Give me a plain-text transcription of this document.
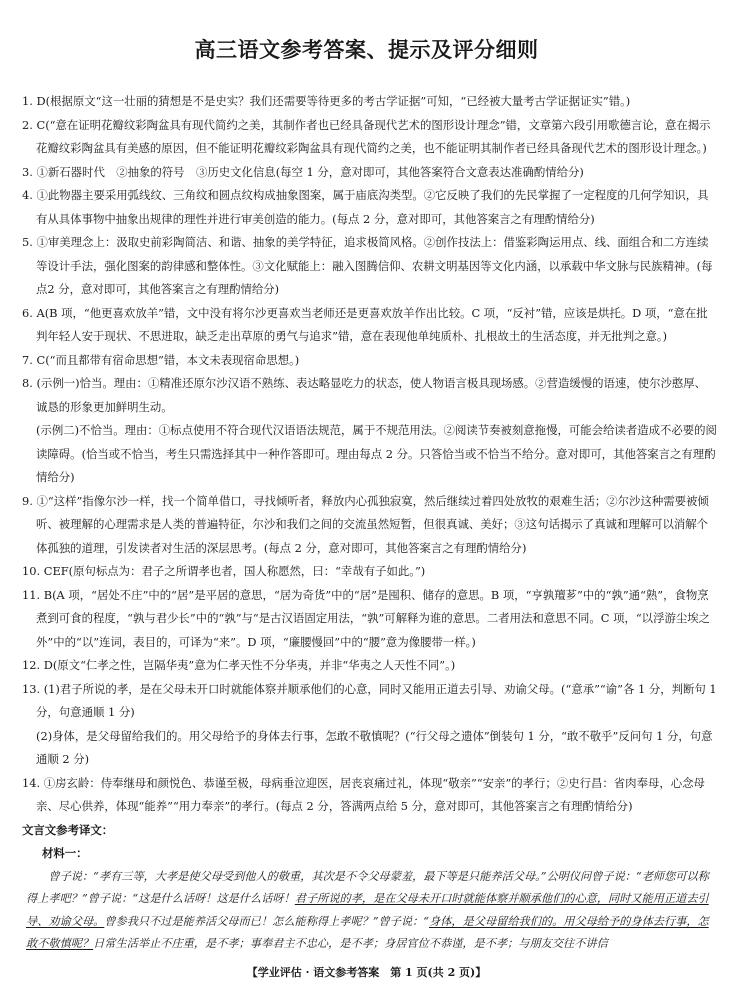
高三语文参考答案、提示及评分细则
1. D(根据原文“这一壮丽的猜想是不是史实？我们还需要等待更多的考古学证据”可知，“已经被大量考古学证据证实”错。)
2. C(“意在证明花瓣纹彩陶盆具有现代简约之美，其制作者也已经具备现代艺术的图形设计理念”错，文章第六段引用歌德言论，意在揭示花瓣纹彩陶盆具有美感的原因，但不能证明花瓣纹彩陶盆具有现代简约之美，也不能证明其制作者已经具备现代艺术的图形设计理念。)
3. ①新石器时代　②抽象的符号　③历史文化信息(每空 1 分，意对即可，其他答案符合文意表达准确酌情给分)
4. ①此物器主要采用弧线纹、三角纹和圆点纹构成抽象图案，属于庙底沟类型。②它反映了我们的先民掌握了一定程度的几何学知识，具有从具体事物中抽象出规律的理性并进行审美创造的能力。(每点 2 分，意对即可，其他答案言之有理酌情给分)
5. ①审美理念上：汲取史前彩陶简洁、和谐、抽象的美学特征，追求极简风格。②创作技法上：借鉴彩陶运用点、线、面组合和二方连续等设计手法，强化图案的韵律感和整体性。③文化赋能上：融入图腾信仰、农耕文明基因等文化内涵，以承载中华文脉与民族精神。(每点2 分，意对即可，其他答案言之有理酌情给分)
6. A(B 项，“他更喜欢放羊”错，文中没有将尔沙更喜欢当老师还是更喜欢放羊作出比较。C 项，“反衬”错，应该是烘托。D 项，“意在批判年轻人安于现状、不思进取，缺乏走出草原的勇气与追求”错，意在表现他单纯质朴、扎根故土的生活态度，并无批判之意。)
7. C(“而且都带有宿命思想”错，本文未表现宿命思想。)
8. (示例一)恰当。理由：①精准还原尔沙汉语不熟练、表达略显吃力的状态，使人物语言极具现场感。②营造缓慢的语速，使尔沙憨厚、诚恳的形象更加鲜明生动。
(示例二)不恰当。理由：①标点使用不符合现代汉语语法规范，属于不规范用法。②阅读节奏被刻意拖慢，可能会给读者造成不必要的阅读障碍。(恰当或不恰当，考生只需选择其中一种作答即可。理由每点 2 分。只答恰当或不恰当不给分。意对即可，其他答案言之有理酌情给分)
9. ①“这样”指像尔沙一样，找一个简单借口，寻找倾听者，释放内心孤独寂寞，然后继续过着四处放牧的艰难生活；②尔沙这种需要被倾听、被理解的心理需求是人类的普遍特征，尔沙和我们之间的交流虽然短暂，但很真诚、美好；③这句话揭示了真诚和理解可以消解个体孤独的道理，引发读者对生活的深层思考。(每点 2 分，意对即可，其他答案言之有理酌情给分)
10. CEF(原句标点为：君子之所谓孝也者，国人称愿然，曰：“幸哉有子如此。”)
11. B(A 项，“居处不庄”中的“居”是平居的意思，“居为奇货”中的“居”是囤积、储存的意思。B 项，“亨孰羶芗”中的“孰”通“熟”，食物烹煮到可食的程度，“孰与君少长”中的“孰”与“是古汉语固定用法，“孰”可解释为谁的意思。二者用法和意思不同。C 项，“以浮游尘埃之外”中的“以”连词，表目的，可译为“来”。D 项，“廉腰慢回”中的“腰”意为像腰带一样。)
12. D(原文“仁孝之性，岂隔华夷”意为仁孝天性不分华夷，并非“华夷之人天性不同”。)
13. (1)君子所说的孝，是在父母未开口时就能体察并顺承他们的心意，同时又能用正道去引导、劝谕父母。(“意承”“谕”各 1 分，判断句 1 分，句意通顺 1 分)
(2)身体，是父母留给我们的。用父母给予的身体去行事，怎敢不敬慎呢？(“行父母之遗体”倒装句 1 分，“敢不敬乎”反问句 1 分，句意通顺 2 分)
14. ①房玄龄：侍奉继母和颜悦色、恭谨至极，母病垂泣迎医，居丧哀痛过礼，体现“敬亲”“安亲”的孝行；②史行昌：省肉奉母，心念母亲、尽心供养，体现“能养”“用力奉亲”的孝行。(每点 2 分，答满两点给 5 分，意对即可，其他答案言之有理酌情给分)
文言文参考译文：
材料一：
曾子说：“孝有三等，大孝是使父母受到他人的敬重，其次是不令父母蒙羞，最下等是只能养活父母。”公明仪问曾子说：“老师您可以称得上孝吧？”曾子说：“这是什么话呀！这是什么话呀！君子所说的孝，是在父母未开口时就能体察并顺承他们的心意，同时又能用正道去引导、劝谕父母。曾参我只不过是能养活父母而已！怎么能称得上孝呢？”曾子说：“身体，是父母留给我们的。用父母给予的身体去行事，怎敢不敬慎呢？日常生活举止不庄重，是不孝；事奉君主不忠心，是不孝；身居官位不恭谨，是不孝；与朋友交往不讲信
【学业评估 · 语文参考答案　第 1 页(共 2 页)】
